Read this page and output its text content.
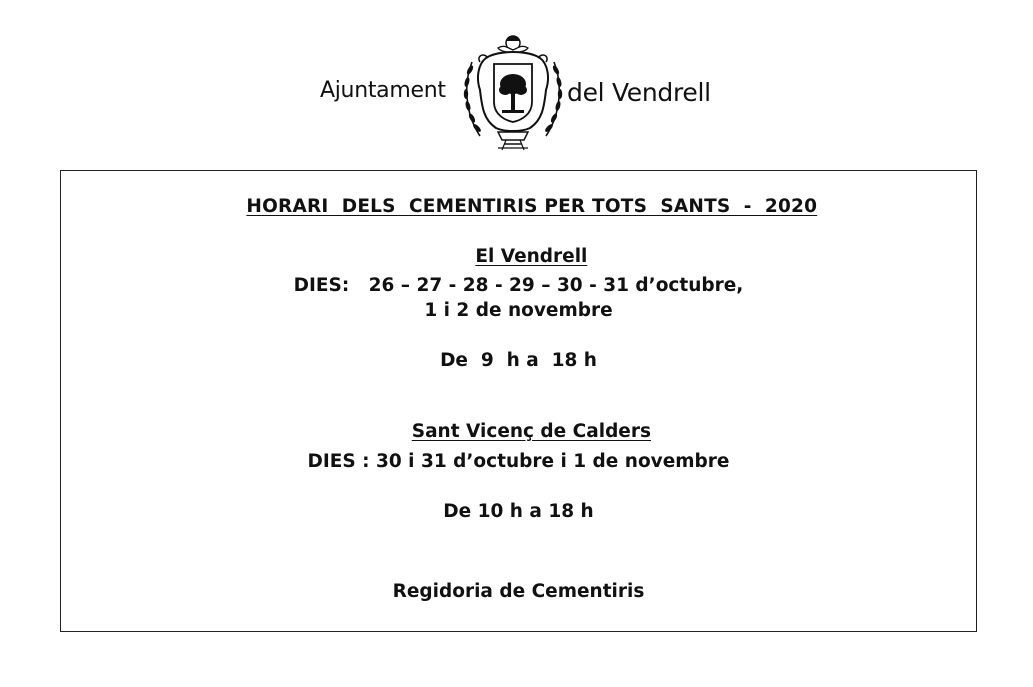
Ajuntament	del Vendrell

HORARI  DELS  CEMENTIRIS PER TOTS  SANTS  -  2020

El Vendrell

DIES:   26 – 27 - 28 - 29 – 30 - 31 d’octubre,
1 i 2 de novembre
De  9  h a  18 h

Sant Vicenç de Calders

DIES : 30 i 31 d’octubre i 1 de novembre
De 10 h a 18 h
Regidoria de Cementiris
